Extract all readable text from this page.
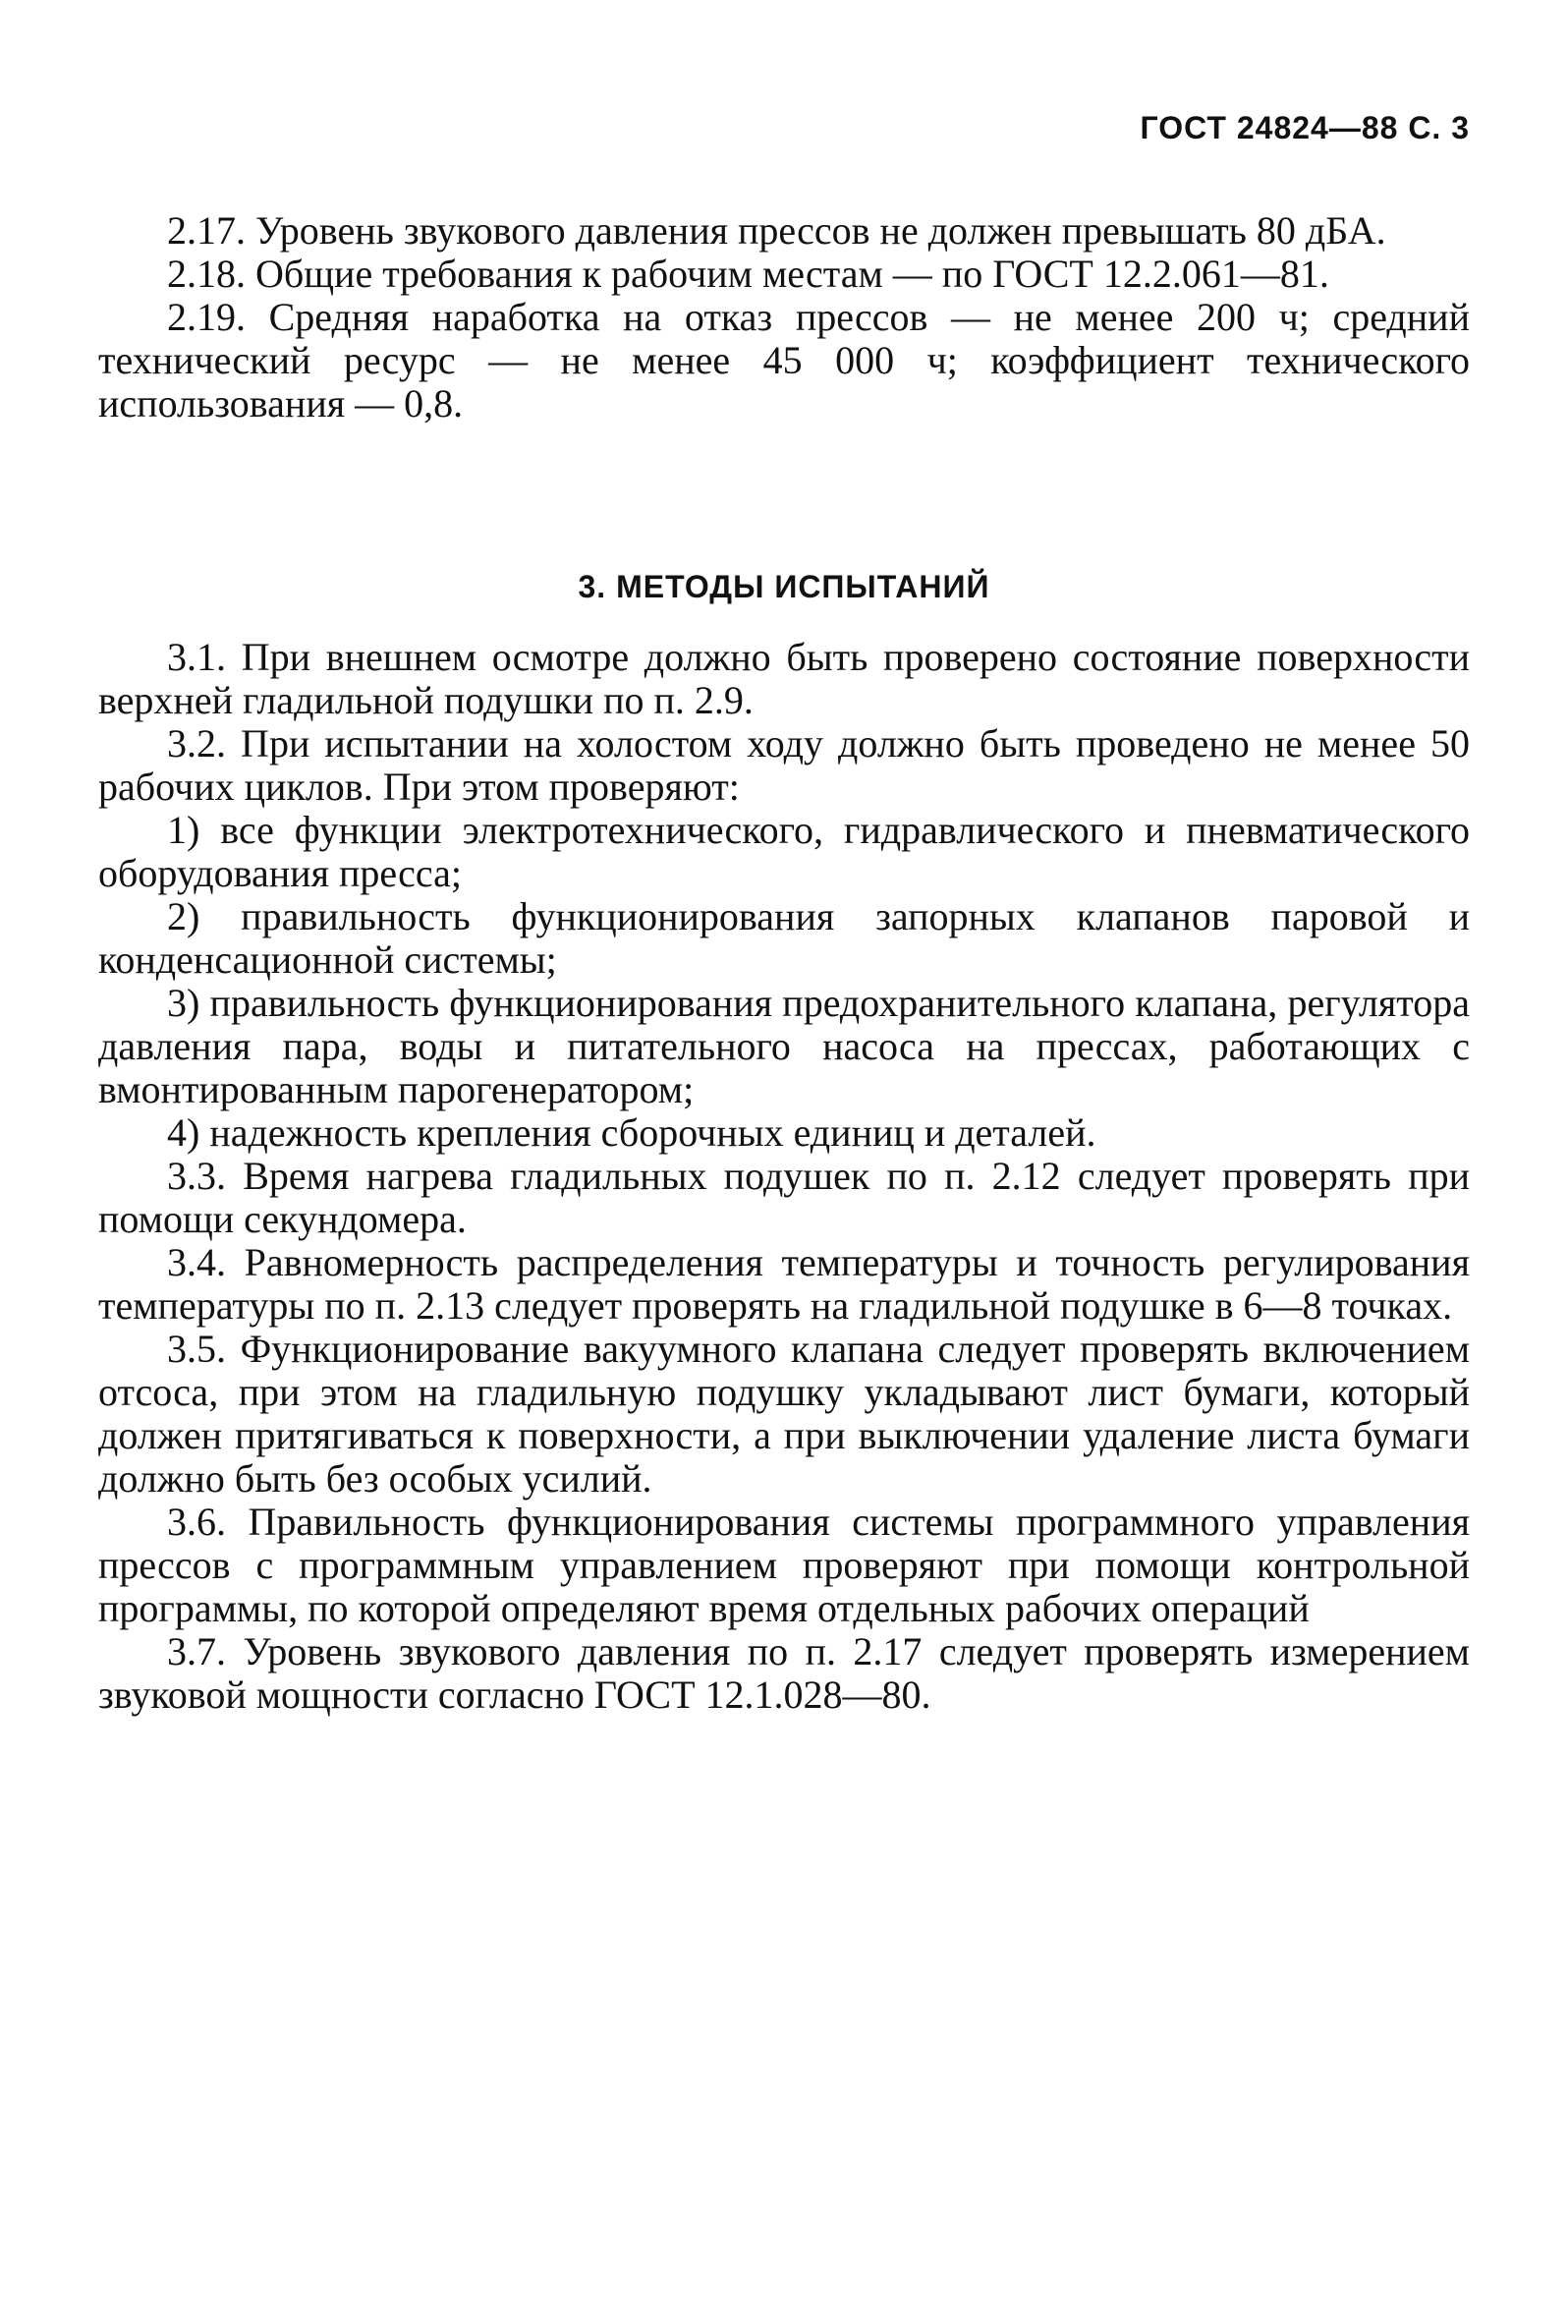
ГОСТ 24824—88 С. 3

2.17. Уровень звукового давления прессов не должен превышать 80 дБА.

2.18. Общие требования к рабочим местам — по ГОСТ 12.2.061—81.

2.19. Средняя наработка на отказ прессов — не менее 200 ч; средний технический ресурс — не менее 45 000 ч; коэффициент технического использования — 0,8.

3. МЕТОДЫ ИСПЫТАНИЙ

3.1. При внешнем осмотре должно быть проверено состояние поверхности верхней гладильной подушки по п. 2.9.

3.2. При испытании на холостом ходу должно быть проведено не менее 50 рабочих циклов. При этом проверяют:

1) все функции электротехнического, гидравлического и пневматического оборудования пресса;

2) правильность функционирования запорных клапанов паровой и конденсационной системы;

3) правильность функционирования предохранительного клапана, регулятора давления пара, воды и питательного насоса на прессах, работающих с вмонтированным парогенератором;

4) надежность крепления сборочных единиц и деталей.

3.3. Время нагрева гладильных подушек по п. 2.12 следует проверять при помощи секундомера.

3.4. Равномерность распределения температуры и точность регулирования температуры по п. 2.13 следует проверять на гладильной подушке в 6—8 точках.

3.5. Функционирование вакуумного клапана следует проверять включением отсоса, при этом на гладильную подушку укладывают лист бумаги, который должен притягиваться к поверхности, а при выключении удаление листа бумаги должно быть без особых усилий.

3.6. Правильность функционирования системы программного управления прессов с программным управлением проверяют при помощи контрольной программы, по которой определяют время отдельных рабочих операций

3.7. Уровень звукового давления по п. 2.17 следует проверять измерением звуковой мощности согласно ГОСТ 12.1.028—80.
